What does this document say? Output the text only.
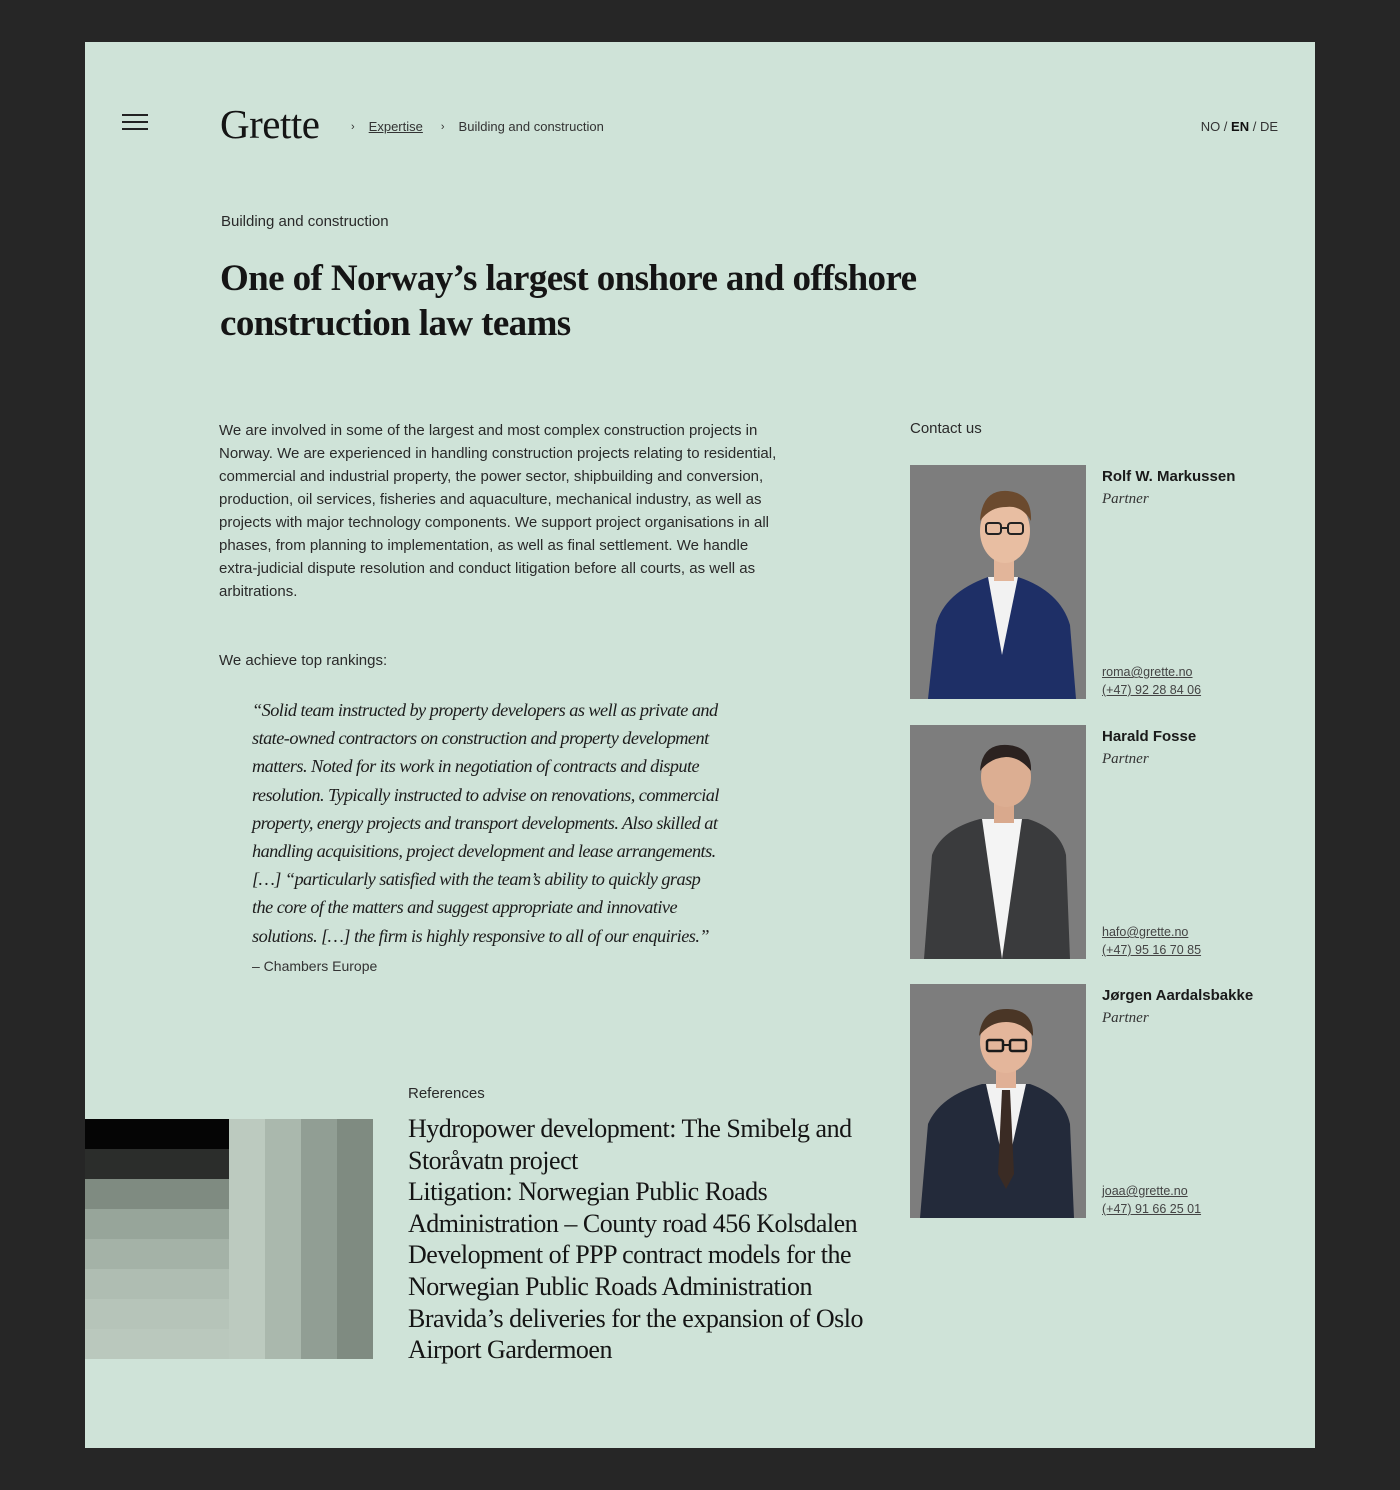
Grette	› Expertise › Building and construction	NO / EN / DE
Building and construction
One of Norway’s largest onshore and offshore construction law teams

We are involved in some of the largest and most complex construction projects in Norway. We are experienced in handling construction projects relating to residential, commercial and industrial property, the power sector, shipbuilding and conversion, production, oil services, fisheries and aquaculture, mechanical industry, as well as projects with major technology components. We support project organisations in all phases, from planning to implementation, as well as final settlement. We handle extra-judicial dispute resolution and conduct litigation before all courts, as well as arbitrations.

We achieve top rankings:

“Solid team instructed by property developers as well as private and state-owned contractors on construction and property development matters. Noted for its work in negotiation of contracts and dispute resolution. Typically instructed to advise on renovations, commercial property, energy projects and transport developments. Also skilled at handling acquisitions, project development and lease arrangements. […] “particularly satisfied with the team’s ability to quickly grasp the core of the matters and suggest appropriate and innovative solutions. […] the firm is highly responsive to all of our enquiries.”
– Chambers Europe
References
Hydropower development: The Smibelg and Storåvatn project
Litigation: Norwegian Public Roads Administration – County road 456 Kolsdalen
Development of PPP contract models for the Norwegian Public Roads Administration
Bravida’s deliveries for the expansion of Oslo Airport Gardermoen
Contact us
Rolf W. Markussen
Partner
roma@grette.no
(+47) 92 28 84 06
Harald Fosse
Partner
hafo@grette.no
(+47) 95 16 70 85
Jørgen Aardalsbakke
Partner
joaa@grette.no
(+47) 91 66 25 01
